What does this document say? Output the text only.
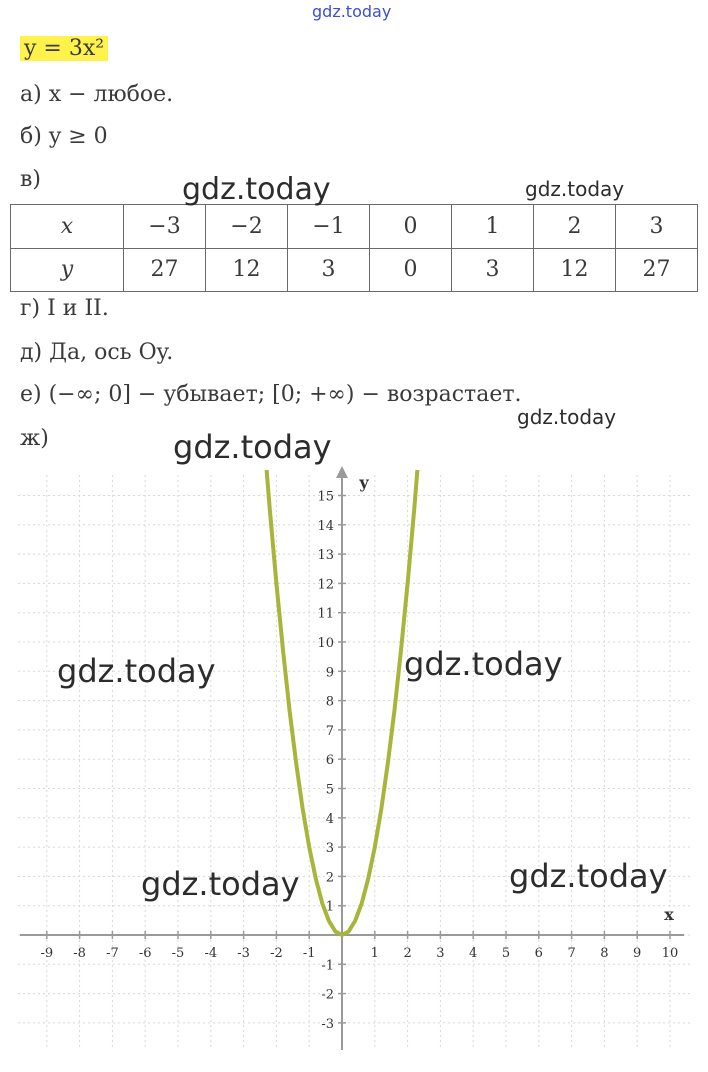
gdz.today
y = 3x²
а) x − любое.
б) y ≥ 0
в)
x	−3	−2	−1	0	1	2	3
y	27	12	3	0	3	12	27
г) I и II.
д) Да, ось Oy.
е) (−∞; 0] − убывает; [0; +∞) − возрастает.
ж)
-9 -8 -7 -6 -5 -4 -3 -2 -1	1 2 3 4 5 6 7 8 9 10
-3
-2
-1
1
2
3
4
5
6
7
8
9
10
11
12
13
14
15
x
y
gdz.today	gdz.today
gdz.today
gdz.today
gdz.today	gdz.today
gdz.today	gdz.today
